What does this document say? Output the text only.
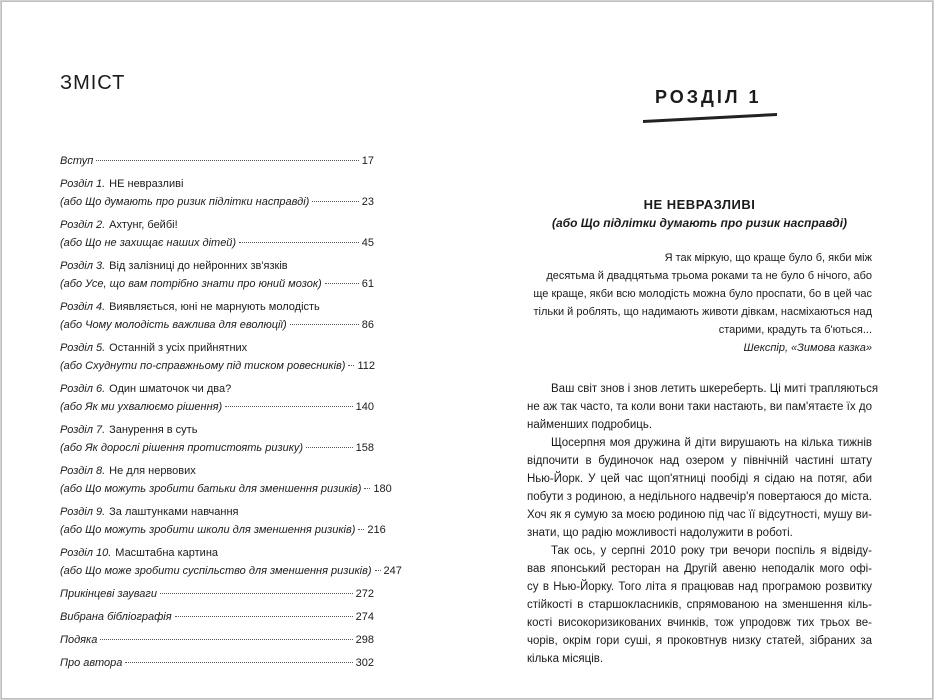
ЗМІСТ
Вступ	17
Розділ 1. НЕ невразливі
(або Що думають про ризик підлітки насправді)	23
Розділ 2. Ахтунг, бейбі!
(або Що не захищає наших дітей)	45
Розділ 3. Від залізниці до нейронних зв'язків
(або Усе, що вам потрібно знати про юний мозок)	61
Розділ 4. Виявляється, юні не марнують молодість
(або Чому молодість важлива для еволюції)	86
Розділ 5. Останній з усіх прийнятних
(або Схуднути по-справжньому під тиском ровесників) 112
Розділ 6. Один шматочок чи два?
(або Як ми ухвалюємо рішення)	140
Розділ 7. Занурення в суть
(або Як дорослі рішення протистоять ризику)	158
Розділ 8. Не для нервових
(або Що можуть зробити батьки для зменшення ризиків) 180
Розділ 9. За лаштунками навчання
(або Що можуть зробити школи для зменшення ризиків) 216
Розділ 10. Масштабна картина
(або Що може зробити суспільство для зменшення ризиків) 247
Прикінцеві зауваги	272
Вибрана бібліографія	274
Подяка	298
Про автора	302
РОЗДІЛ 1
НЕ НЕВРАЗЛИВІ
(або Що підлітки думають про ризик насправді)
Я так міркую, що краще було б, якби між
десятьма й двадцятьма трьома роками та не було б нічого, або
ще краще, якби всю молодість можна було проспати, бо в цей час
тільки й роблять, що надимають животи дівкам, насміхаються над
старими, крадуть та б'ються...
Шекспір, «Зимова казка»
Ваш світ знов і знов летить шкереберть. Ці миті трапляються
не аж так часто, та коли вони таки настають, ви пам'ятаєте їх до
найменших подробиць.
Щосерпня моя дружина й діти вирушають на кілька тижнів
відпочити в будиночок над озером у північній частині штату
Нью-Йорк. У цей час щоп'ятниці пообіді я сідаю на потяг, аби
побути з родиною, а недільного надвечір'я повертаюся до міста.
Хоч як я сумую за моєю родиною під час її відсутності, мушу ви-
знати, що радію можливості надолужити в роботі.
Так ось, у серпні 2010 року три вечори поспіль я відвіду-
вав японський ресторан на Другій авеню неподалік мого офі-
су в Нью-Йорку. Того літа я працював над програмою розвитку
стійкості в старшокласників, спрямованою на зменшення кіль-
кості високоризикованих вчинків, тож упродовж тих трьох ве-
чорів, окрім гори суші, я проковтнув низку статей, зібраних за
кілька місяців.
